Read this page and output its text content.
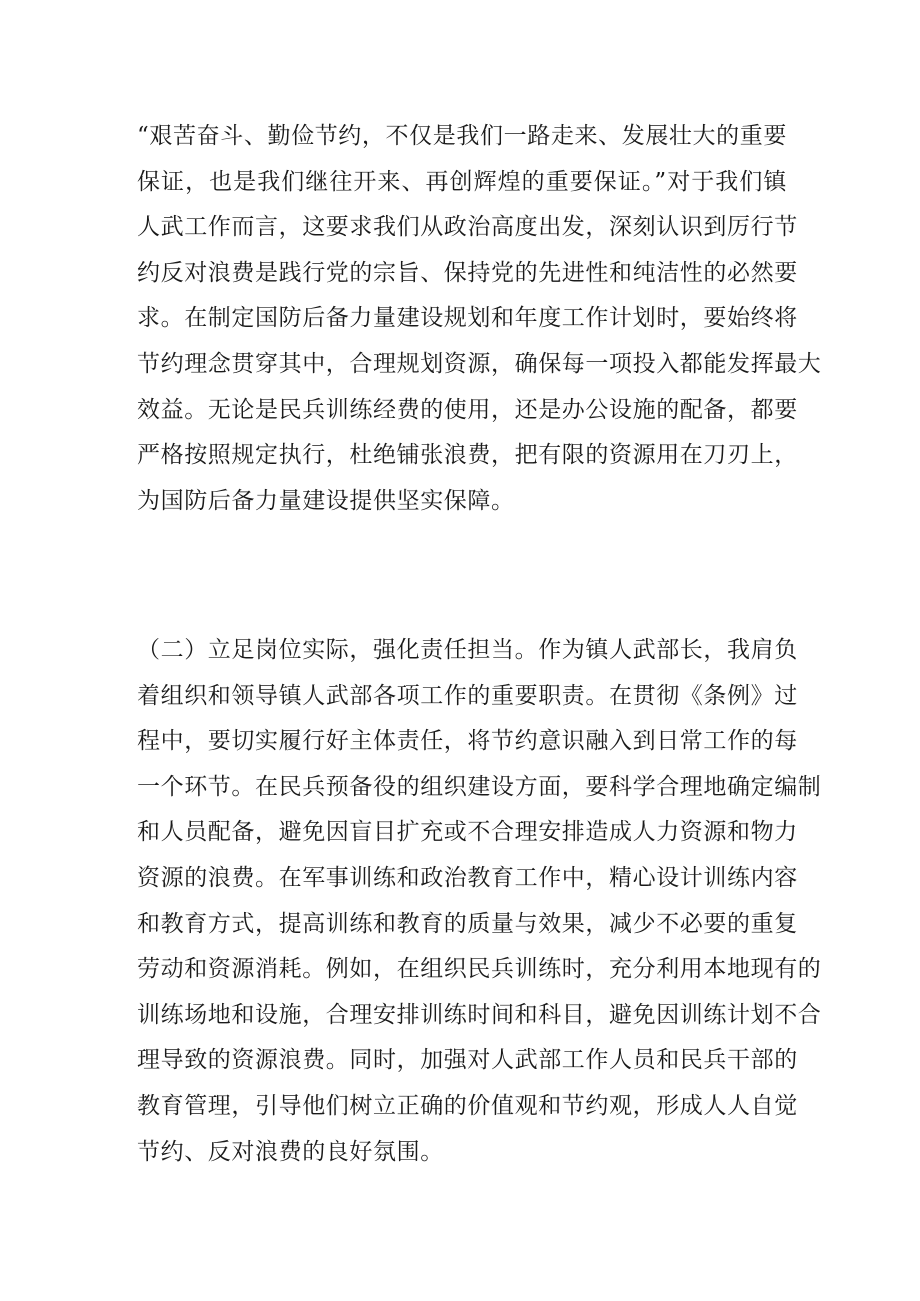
“艰苦奋斗、勤俭节约，不仅是我们一路走来、发展壮大的重要
保证，也是我们继往开来、再创辉煌的重要保证。”对于我们镇
人武工作而言，这要求我们从政治高度出发，深刻认识到厉行节
约反对浪费是践行党的宗旨、保持党的先进性和纯洁性的必然要
求。在制定国防后备力量建设规划和年度工作计划时，要始终将
节约理念贯穿其中，合理规划资源，确保每一项投入都能发挥最大
效益。无论是民兵训练经费的使用，还是办公设施的配备，都要
严格按照规定执行，杜绝铺张浪费，把有限的资源用在刀刃上，
为国防后备力量建设提供坚实保障。

（二）立足岗位实际，强化责任担当。作为镇人武部长，我肩负
着组织和领导镇人武部各项工作的重要职责。在贯彻《条例》过
程中，要切实履行好主体责任，将节约意识融入到日常工作的每
一个环节。在民兵预备役的组织建设方面，要科学合理地确定编制
和人员配备，避免因盲目扩充或不合理安排造成人力资源和物力
资源的浪费。在军事训练和政治教育工作中，精心设计训练内容
和教育方式，提高训练和教育的质量与效果，减少不必要的重复
劳动和资源消耗。例如，在组织民兵训练时，充分利用本地现有的
训练场地和设施，合理安排训练时间和科目，避免因训练计划不合
理导致的资源浪费。同时，加强对人武部工作人员和民兵干部的
教育管理，引导他们树立正确的价值观和节约观，形成人人自觉
节约、反对浪费的良好氛围。
